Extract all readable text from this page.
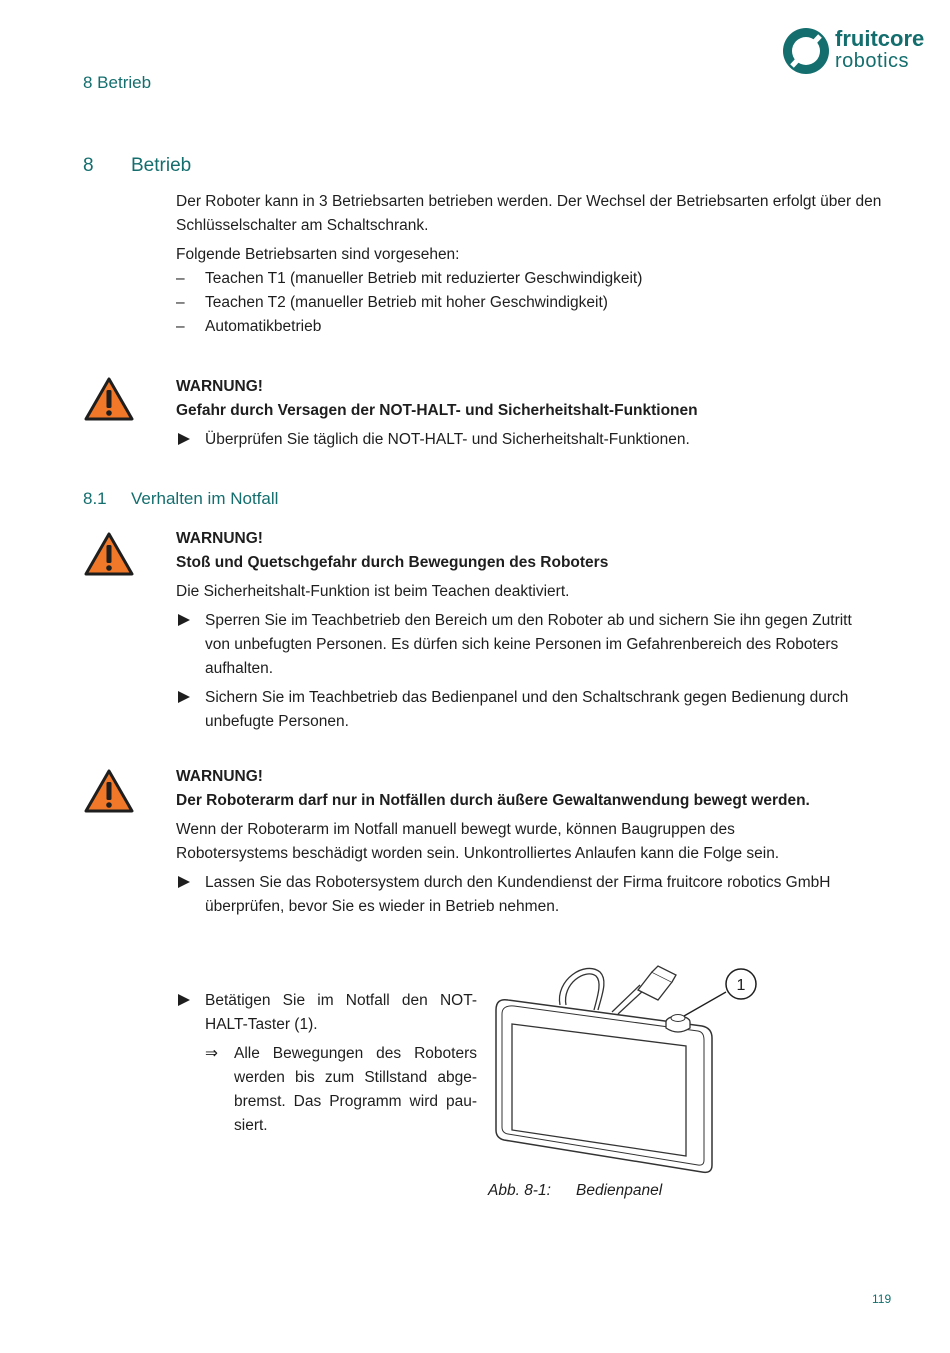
8 Betrieb
fruitcore
robotics
8 Betrieb
Der Roboter kann in 3 Betriebsarten betrieben werden. Der Wechsel der Betriebsarten erfolgt über den
Schlüsselschalter am Schaltschrank.
Folgende Betriebsarten sind vorgesehen:
– Teachen T1 (manueller Betrieb mit reduzierter Geschwindigkeit)
– Teachen T2 (manueller Betrieb mit hoher Geschwindigkeit)
– Automatikbetrieb
WARNUNG!
Gefahr durch Versagen der NOT-HALT- und Sicherheitshalt-Funktionen
Überprüfen Sie täglich die NOT-HALT- und Sicherheitshalt-Funktionen.
8.1 Verhalten im Notfall
WARNUNG!
Stoß und Quetschgefahr durch Bewegungen des Roboters
Die Sicherheitshalt-Funktion ist beim Teachen deaktiviert.
Sperren Sie im Teachbetrieb den Bereich um den Roboter ab und sichern Sie ihn gegen Zutritt
von unbefugten Personen. Es dürfen sich keine Personen im Gefahrenbereich des Roboters
aufhalten.
Sichern Sie im Teachbetrieb das Bedienpanel und den Schaltschrank gegen Bedienung durch
unbefugte Personen.
WARNUNG!
Der Roboterarm darf nur in Notfällen durch äußere Gewaltanwendung bewegt werden.
Wenn der Roboterarm im Notfall manuell bewegt wurde, können Baugruppen des
Robotersystems beschädigt worden sein. Unkontrolliertes Anlaufen kann die Folge sein.
Lassen Sie das Robotersystem durch den Kundendienst der Firma fruitcore robotics GmbH
überprüfen, bevor Sie es wieder in Betrieb nehmen.
Betätigen Sie im Notfall den NOT-
HALT-Taster (1).
⇒	Alle Bewegungen des Roboters
werden bis zum Stillstand abge-
bremst. Das Programm wird pau-
siert.
1
Abb. 8-1: Bedienpanel
119
